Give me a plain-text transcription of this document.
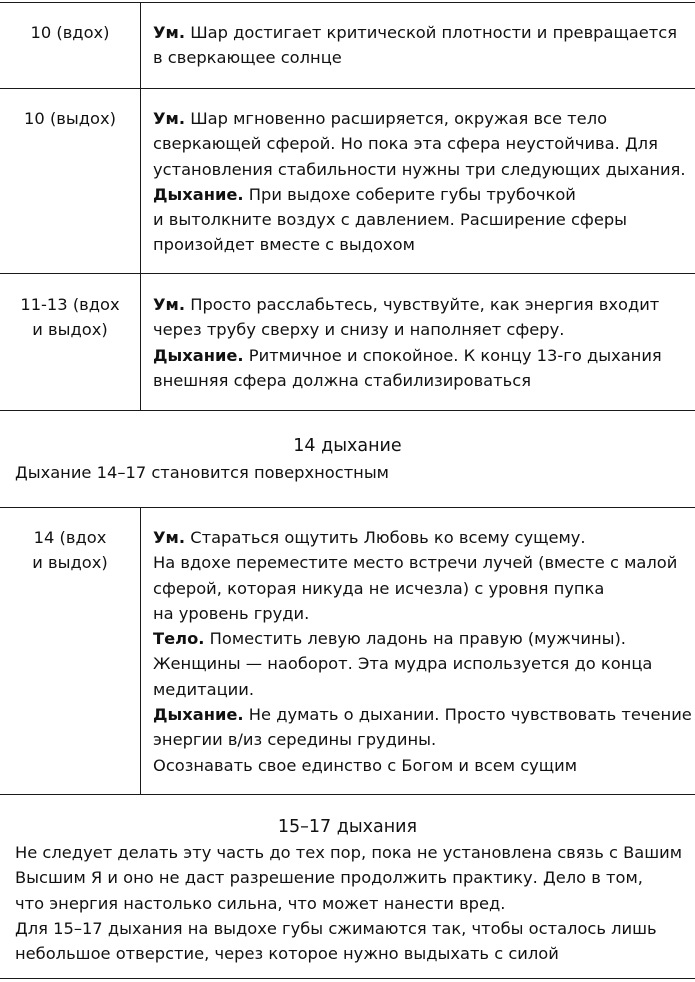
10 (вдох)	Ум. Шар достигает критической плотности и превращается
в сверкающее солнце
10 (выдох)	Ум. Шар мгновенно расширяется, окружая все тело
сверкающей сферой. Но пока эта сфера неустойчива. Для
установления стабильности нужны три следующих дыхания.
Дыхание. При выдохе соберите губы трубочкой
и вытолкните воздух с давлением. Расширение сферы
произойдет вместе с выдохом
11-13 (вдох
и выдох)
Ум. Просто расслабьтесь, чувствуйте, как энергия входит
через трубу сверху и снизу и наполняет сферу.
Дыхание. Ритмичное и спокойное. К концу 13-го дыхания
внешняя сфера должна стабилизироваться
14 дыхание
Дыхание 14–17 становится поверхностным
14 (вдох
и выдох)
Ум. Стараться ощутить Любовь ко всему сущему.
На вдохе переместите место встречи лучей (вместе с малой
сферой, которая никуда не исчезла) с уровня пупка
на уровень груди.
Тело. Поместить левую ладонь на правую (мужчины).
Женщины — наоборот. Эта мудра используется до конца
медитации.
Дыхание. Не думать о дыхании. Просто чувствовать течение
энергии в/из середины грудины.
Осознавать свое единство с Богом и всем сущим
15–17 дыхания
Не следует делать эту часть до тех пор, пока не установлена связь с Вашим
Высшим Я и оно не даст разрешение продолжить практику. Дело в том,
что энергия настолько сильна, что может нанести вред.
Для 15–17 дыхания на выдохе губы сжимаются так, чтобы осталось лишь
небольшое отверстие, через которое нужно выдыхать с силой
